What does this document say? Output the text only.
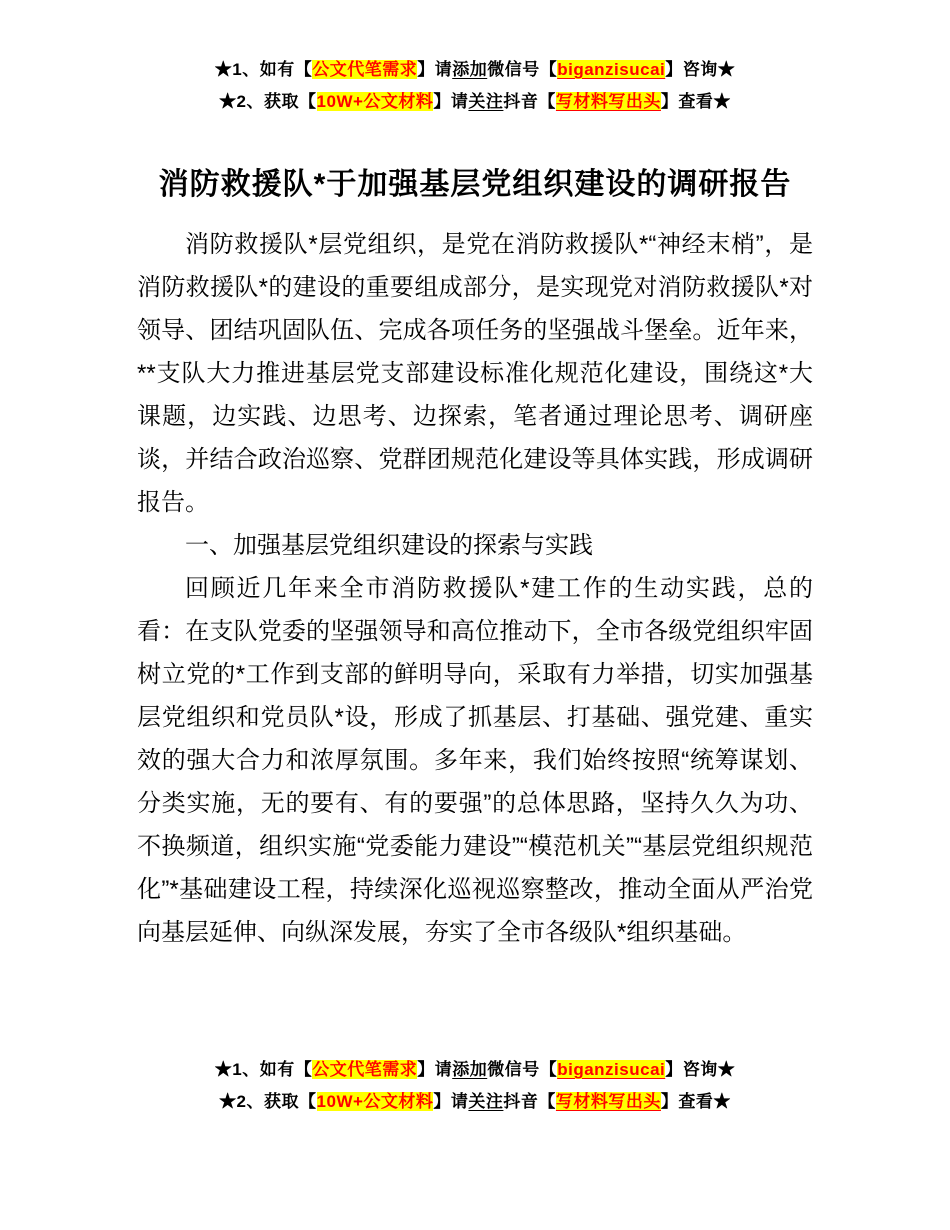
★1、如有【公文代笔需求】请添加微信号【biganzisucai】咨询★
★2、获取【10W+公文材料】请关注抖音【写材料写出头】查看★
消防救援队*于加强基层党组织建设的调研报告

消防救援队*层党组织，是党在消防救援队*“神经末梢”，是消防救援队*的建设的重要组成部分，是实现党对消防救援队*对领导、团结巩固队伍、完成各项任务的坚强战斗堡垒。近年来，**支队大力推进基层党支部建设标准化规范化建设，围绕这*大课题，边实践、边思考、边探索，笔者通过理论思考、调研座谈，并结合政治巡察、党群团规范化建设等具体实践，形成调研报告。

一、加强基层党组织建设的探索与实践

回顾近几年来全市消防救援队*建工作的生动实践，总的看：在支队党委的坚强领导和高位推动下，全市各级党组织牢固树立党的*工作到支部的鲜明导向，采取有力举措，切实加强基层党组织和党员队*设，形成了抓基层、打基础、强党建、重实效的强大合力和浓厚氛围。多年来，我们始终按照“统筹谋划、分类实施，无的要有、有的要强”的总体思路，坚持久久为功、不换频道，组织实施“党委能力建设”“模范机关”“基层党组织规范化”*基础建设工程，持续深化巡视巡察整改，推动全面从严治党向基层延伸、向纵深发展，夯实了全市各级队*组织基础。

★1、如有【公文代笔需求】请添加微信号【biganzisucai】咨询★
★2、获取【10W+公文材料】请关注抖音【写材料写出头】查看★
